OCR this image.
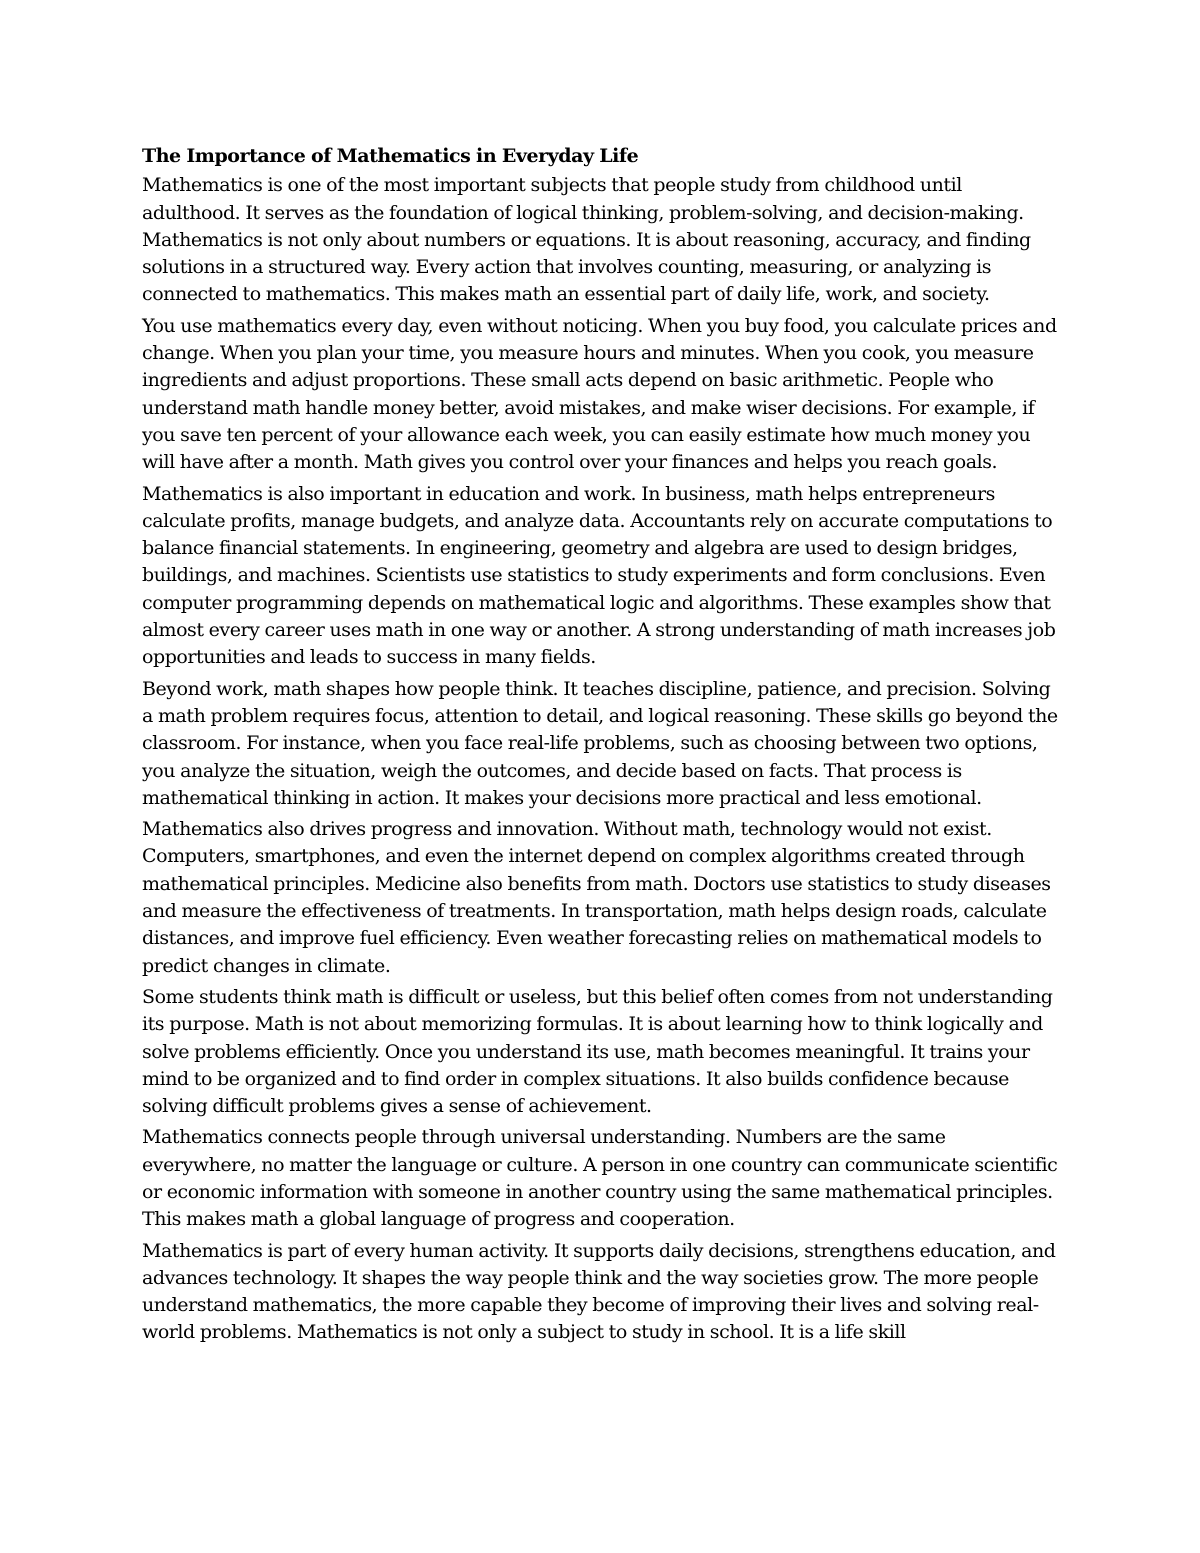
The Importance of Mathematics in Everyday Life

Mathematics is one of the most important subjects that people study from childhood until adulthood. It serves as the foundation of logical thinking, problem-solving, and decision-making. Mathematics is not only about numbers or equations. It is about reasoning, accuracy, and finding solutions in a structured way. Every action that involves counting, measuring, or analyzing is connected to mathematics. This makes math an essential part of daily life, work, and society.

You use mathematics every day, even without noticing. When you buy food, you calculate prices and change. When you plan your time, you measure hours and minutes. When you cook, you measure ingredients and adjust proportions. These small acts depend on basic arithmetic. People who understand math handle money better, avoid mistakes, and make wiser decisions. For example, if you save ten percent of your allowance each week, you can easily estimate how much money you will have after a month. Math gives you control over your finances and helps you reach goals.

Mathematics is also important in education and work. In business, math helps entrepreneurs calculate profits, manage budgets, and analyze data. Accountants rely on accurate computations to balance financial statements. In engineering, geometry and algebra are used to design bridges, buildings, and machines. Scientists use statistics to study experiments and form conclusions. Even computer programming depends on mathematical logic and algorithms. These examples show that almost every career uses math in one way or another. A strong understanding of math increases job opportunities and leads to success in many fields.

Beyond work, math shapes how people think. It teaches discipline, patience, and precision. Solving a math problem requires focus, attention to detail, and logical reasoning. These skills go beyond the classroom. For instance, when you face real-life problems, such as choosing between two options, you analyze the situation, weigh the outcomes, and decide based on facts. That process is mathematical thinking in action. It makes your decisions more practical and less emotional.

Mathematics also drives progress and innovation. Without math, technology would not exist. Computers, smartphones, and even the internet depend on complex algorithms created through mathematical principles. Medicine also benefits from math. Doctors use statistics to study diseases and measure the effectiveness of treatments. In transportation, math helps design roads, calculate distances, and improve fuel efficiency. Even weather forecasting relies on mathematical models to predict changes in climate.

Some students think math is difficult or useless, but this belief often comes from not understanding its purpose. Math is not about memorizing formulas. It is about learning how to think logically and solve problems efficiently. Once you understand its use, math becomes meaningful. It trains your mind to be organized and to find order in complex situations. It also builds confidence because solving difficult problems gives a sense of achievement.

Mathematics connects people through universal understanding. Numbers are the same everywhere, no matter the language or culture. A person in one country can communicate scientific or economic information with someone in another country using the same mathematical principles. This makes math a global language of progress and cooperation.

Mathematics is part of every human activity. It supports daily decisions, strengthens education, and advances technology. It shapes the way people think and the way societies grow. The more people understand mathematics, the more capable they become of improving their lives and solving real-world problems. Mathematics is not only a subject to study in school. It is a life skill
